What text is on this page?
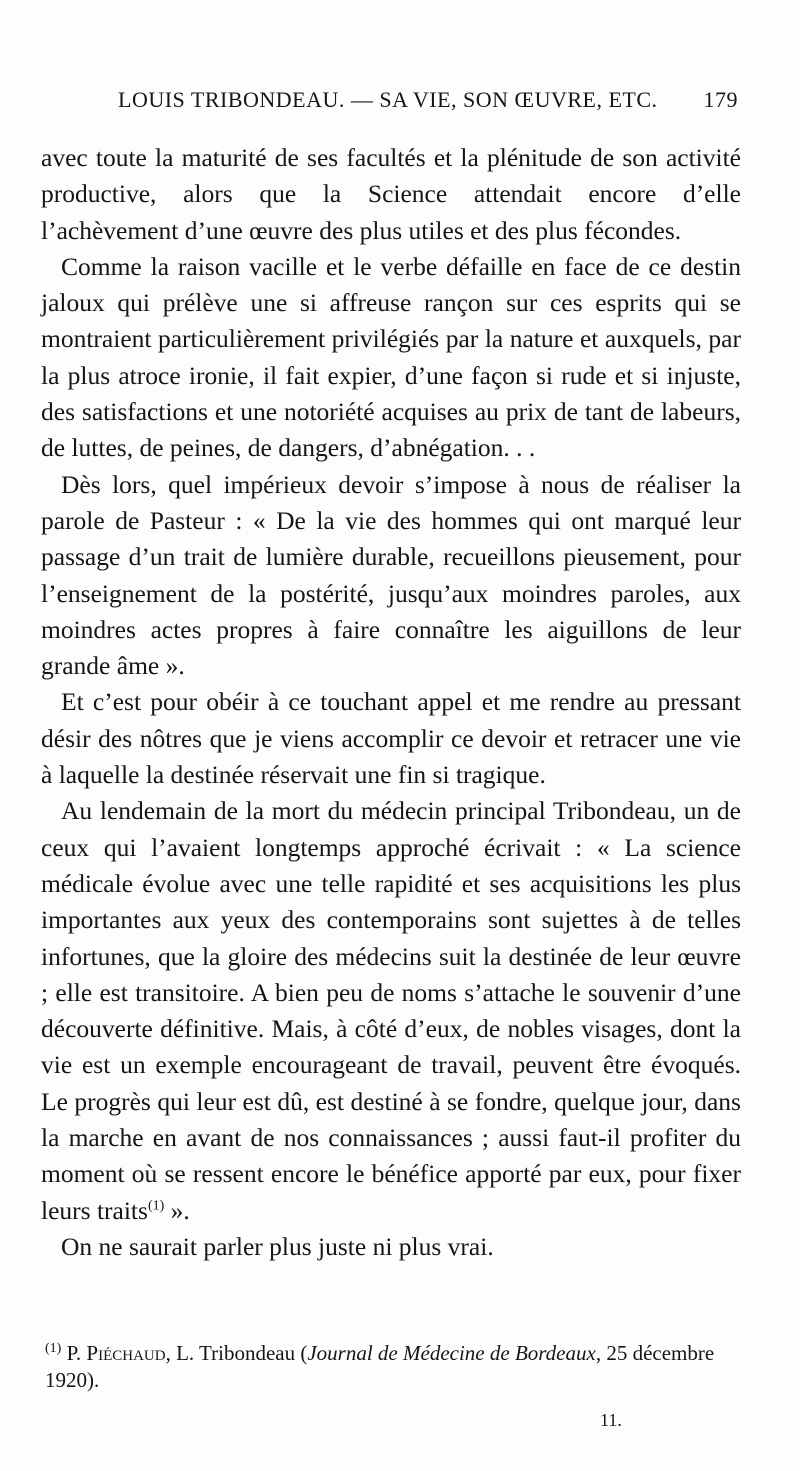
LOUIS TRIBONDEAU. — SA VIE, SON ŒUVRE, ETC. 179

avec toute la maturité de ses facultés et la plénitude de son activité productive, alors que la Science attendait encore d’elle l’achèvement d’une œuvre des plus utiles et des plus fécondes.

Comme la raison vacille et le verbe défaille en face de ce destin jaloux qui prélève une si affreuse rançon sur ces esprits qui se montraient particulièrement privilégiés par la nature et auxquels, par la plus atroce ironie, il fait expier, d’une façon si rude et si injuste, des satisfactions et une notoriété acquises au prix de tant de labeurs, de luttes, de peines, de dangers, d’abnégation. . .

Dès lors, quel impérieux devoir s’impose à nous de réaliser la parole de Pasteur : « De la vie des hommes qui ont marqué leur passage d’un trait de lumière durable, recueillons pieusement, pour l’enseignement de la postérité, jusqu’aux moindres paroles, aux moindres actes propres à faire connaître les aiguillons de leur grande âme ».

Et c’est pour obéir à ce touchant appel et me rendre au pressant désir des nôtres que je viens accomplir ce devoir et retracer une vie à laquelle la destinée réservait une fin si tragique.

Au lendemain de la mort du médecin principal Tribondeau, un de ceux qui l’avaient longtemps approché écrivait : « La science médicale évolue avec une telle rapidité et ses acquisitions les plus importantes aux yeux des contemporains sont sujettes à de telles infortunes, que la gloire des médecins suit la destinée de leur œuvre ; elle est transitoire. A bien peu de noms s’attache le souvenir d’une découverte définitive. Mais, à côté d’eux, de nobles visages, dont la vie est un exemple encourageant de travail, peuvent être évoqués. Le progrès qui leur est dû, est destiné à se fondre, quelque jour, dans la marche en avant de nos connaissances ; aussi faut-il profiter du moment où se ressent encore le bénéfice apporté par eux, pour fixer leurs traits$^{(1)}$ ».

On ne saurait parler plus juste ni plus vrai.

$^{(1)}$ P. Piéchaud, L. Tribondeau (Journal de Médecine de Bordeaux, 25 décembre 1920).
11.
